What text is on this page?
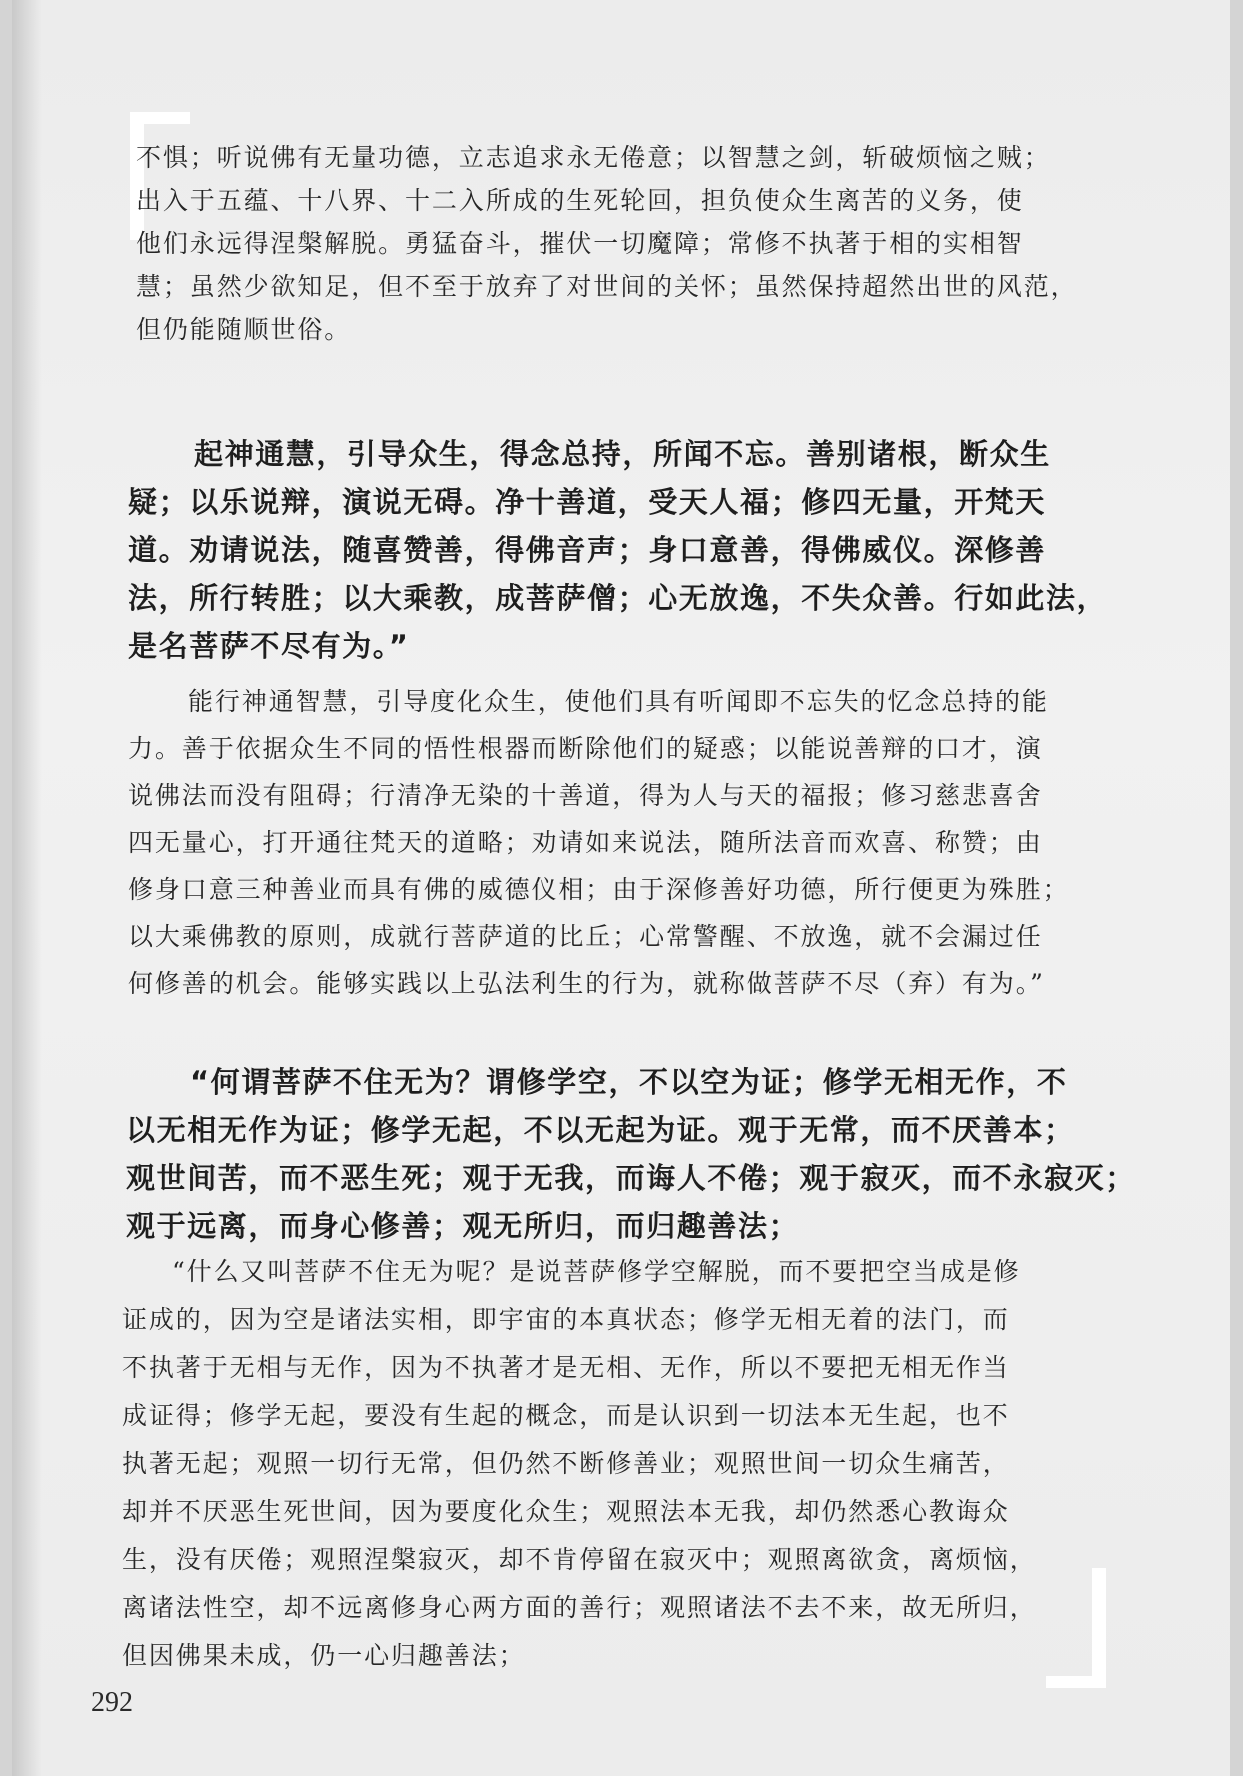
不惧；听说佛有无量功德，立志追求永无倦意；以智慧之剑，斩破烦恼之贼；
出入于五蕴、十八界、十二入所成的生死轮回，担负使众生离苦的义务，使
他们永远得涅槃解脱。勇猛奋斗，摧伏一切魔障；常修不执著于相的实相智
慧；虽然少欲知足，但不至于放弃了对世间的关怀；虽然保持超然出世的风范，
但仍能随顺世俗。
起神通慧，引导众生，得念总持，所闻不忘。善别诸根，断众生
疑；以乐说辩，演说无碍。净十善道，受天人福；修四无量，开梵天
道。劝请说法，随喜赞善，得佛音声；身口意善，得佛威仪。深修善
法，所行转胜；以大乘教，成菩萨僧；心无放逸，不失众善。行如此法，
是名菩萨不尽有为。”
能行神通智慧，引导度化众生，使他们具有听闻即不忘失的忆念总持的能
力。善于依据众生不同的悟性根器而断除他们的疑惑；以能说善辩的口才，演
说佛法而没有阻碍；行清净无染的十善道，得为人与天的福报；修习慈悲喜舍
四无量心，打开通往梵天的道略；劝请如来说法，随所法音而欢喜、称赞；由
修身口意三种善业而具有佛的威德仪相；由于深修善好功德，所行便更为殊胜；
以大乘佛教的原则，成就行菩萨道的比丘；心常警醒、不放逸，就不会漏过任
何修善的机会。能够实践以上弘法利生的行为，就称做菩萨不尽（弃）有为。”
“何谓菩萨不住无为？谓修学空，不以空为证；修学无相无作，不
以无相无作为证；修学无起，不以无起为证。观于无常，而不厌善本；
观世间苦，而不恶生死；观于无我，而诲人不倦；观于寂灭，而不永寂灭；
观于远离，而身心修善；观无所归，而归趣善法；
“什么又叫菩萨不住无为呢？是说菩萨修学空解脱，而不要把空当成是修
证成的，因为空是诸法实相，即宇宙的本真状态；修学无相无着的法门，而
不执著于无相与无作，因为不执著才是无相、无作，所以不要把无相无作当
成证得；修学无起，要没有生起的概念，而是认识到一切法本无生起，也不
执著无起；观照一切行无常，但仍然不断修善业；观照世间一切众生痛苦，
却并不厌恶生死世间，因为要度化众生；观照法本无我，却仍然悉心教诲众
生，没有厌倦；观照涅槃寂灭，却不肯停留在寂灭中；观照离欲贪，离烦恼，
离诸法性空，却不远离修身心两方面的善行；观照诸法不去不来，故无所归，
但因佛果未成，仍一心归趣善法；
292
